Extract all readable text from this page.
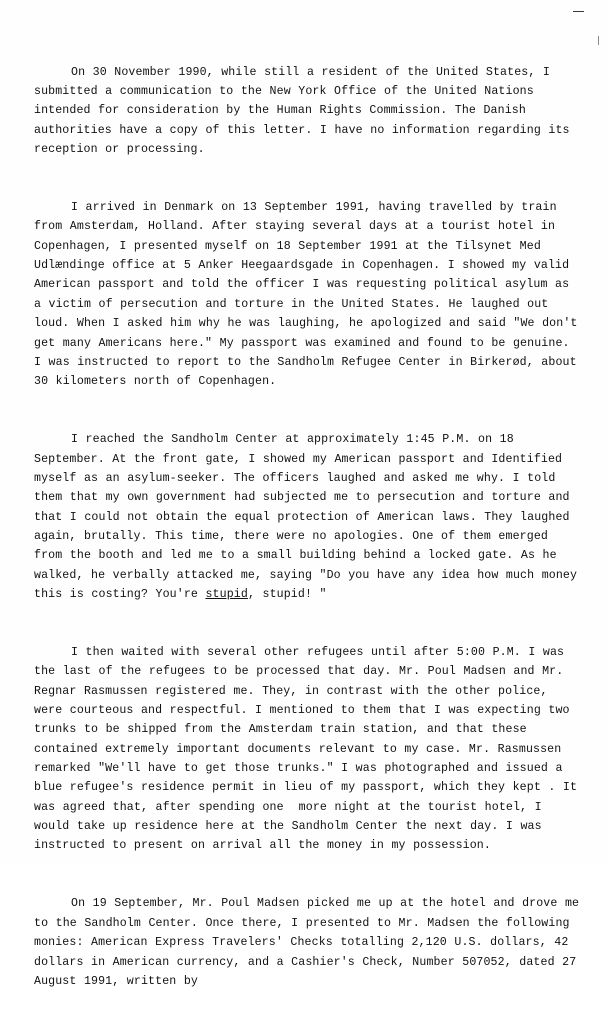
On 30 November 1990, while still a resident of the United States, I submitted a communication to the New York Office of the United Nations intended for consideration by the Human Rights Commission. The Danish authorities have a copy of this letter. I have no information regarding its reception or processing.

I arrived in Denmark on 13 September 1991, having travelled by train from Amsterdam, Holland. After staying several days at a tourist hotel in Copenhagen, I presented myself on 18 September 1991 at the Tilsynet Med Udlændinge office at 5 Anker Heegaardsgade in Copenhagen. I showed my valid American passport and told the officer I was requesting political asylum as a victim of persecution and torture in the United States. He laughed out loud. When I asked him why he was laughing, he apologized and said "We don't get many Americans here." My passport was examined and found to be genuine. I was instructed to report to the Sandholm Refugee Center in Birkerød, about 30 kilometers north of Copenhagen.

I reached the Sandholm Center at approximately 1:45 P.M. on 18 September. At the front gate, I showed my American passport and Identified myself as an asylum-seeker. The officers laughed and asked me why. I told them that my own government had subjected me to persecution and torture and that I could not obtain the equal protection of American laws. They laughed again, brutally. This time, there were no apologies. One of them emerged from the booth and led me to a small building behind a locked gate. As he walked, he verbally attacked me, saying "Do you have any idea how much money this is costing? You're stupid, stupid! "

I then waited with several other refugees until after 5:00 P.M. I was the last of the refugees to be processed that day. Mr. Poul Madsen and Mr. Regnar Rasmussen registered me. They, in contrast with the other police, were courteous and respectful. I mentioned to them that I was expecting two trunks to be shipped from the Amsterdam train station, and that these contained extremely important documents relevant to my case. Mr. Rasmussen remarked "We'll have to get those trunks." I was photographed and issued a blue refugee's residence permit in lieu of my passport, which they kept . It was agreed that, after spending one  more night at the tourist hotel, I would take up residence here at the Sandholm Center the next day. I was instructed to present on arrival all the money in my possession.

On 19 September, Mr. Poul Madsen picked me up at the hotel and drove me to the Sandholm Center. Once there, I presented to Mr. Madsen the following monies: American Express Travelers' Checks totalling 2,120 U.S. dollars, 42 dollars in American currency, and a Cashier's Check, Number 507052, dated 27 August 1991, written by
